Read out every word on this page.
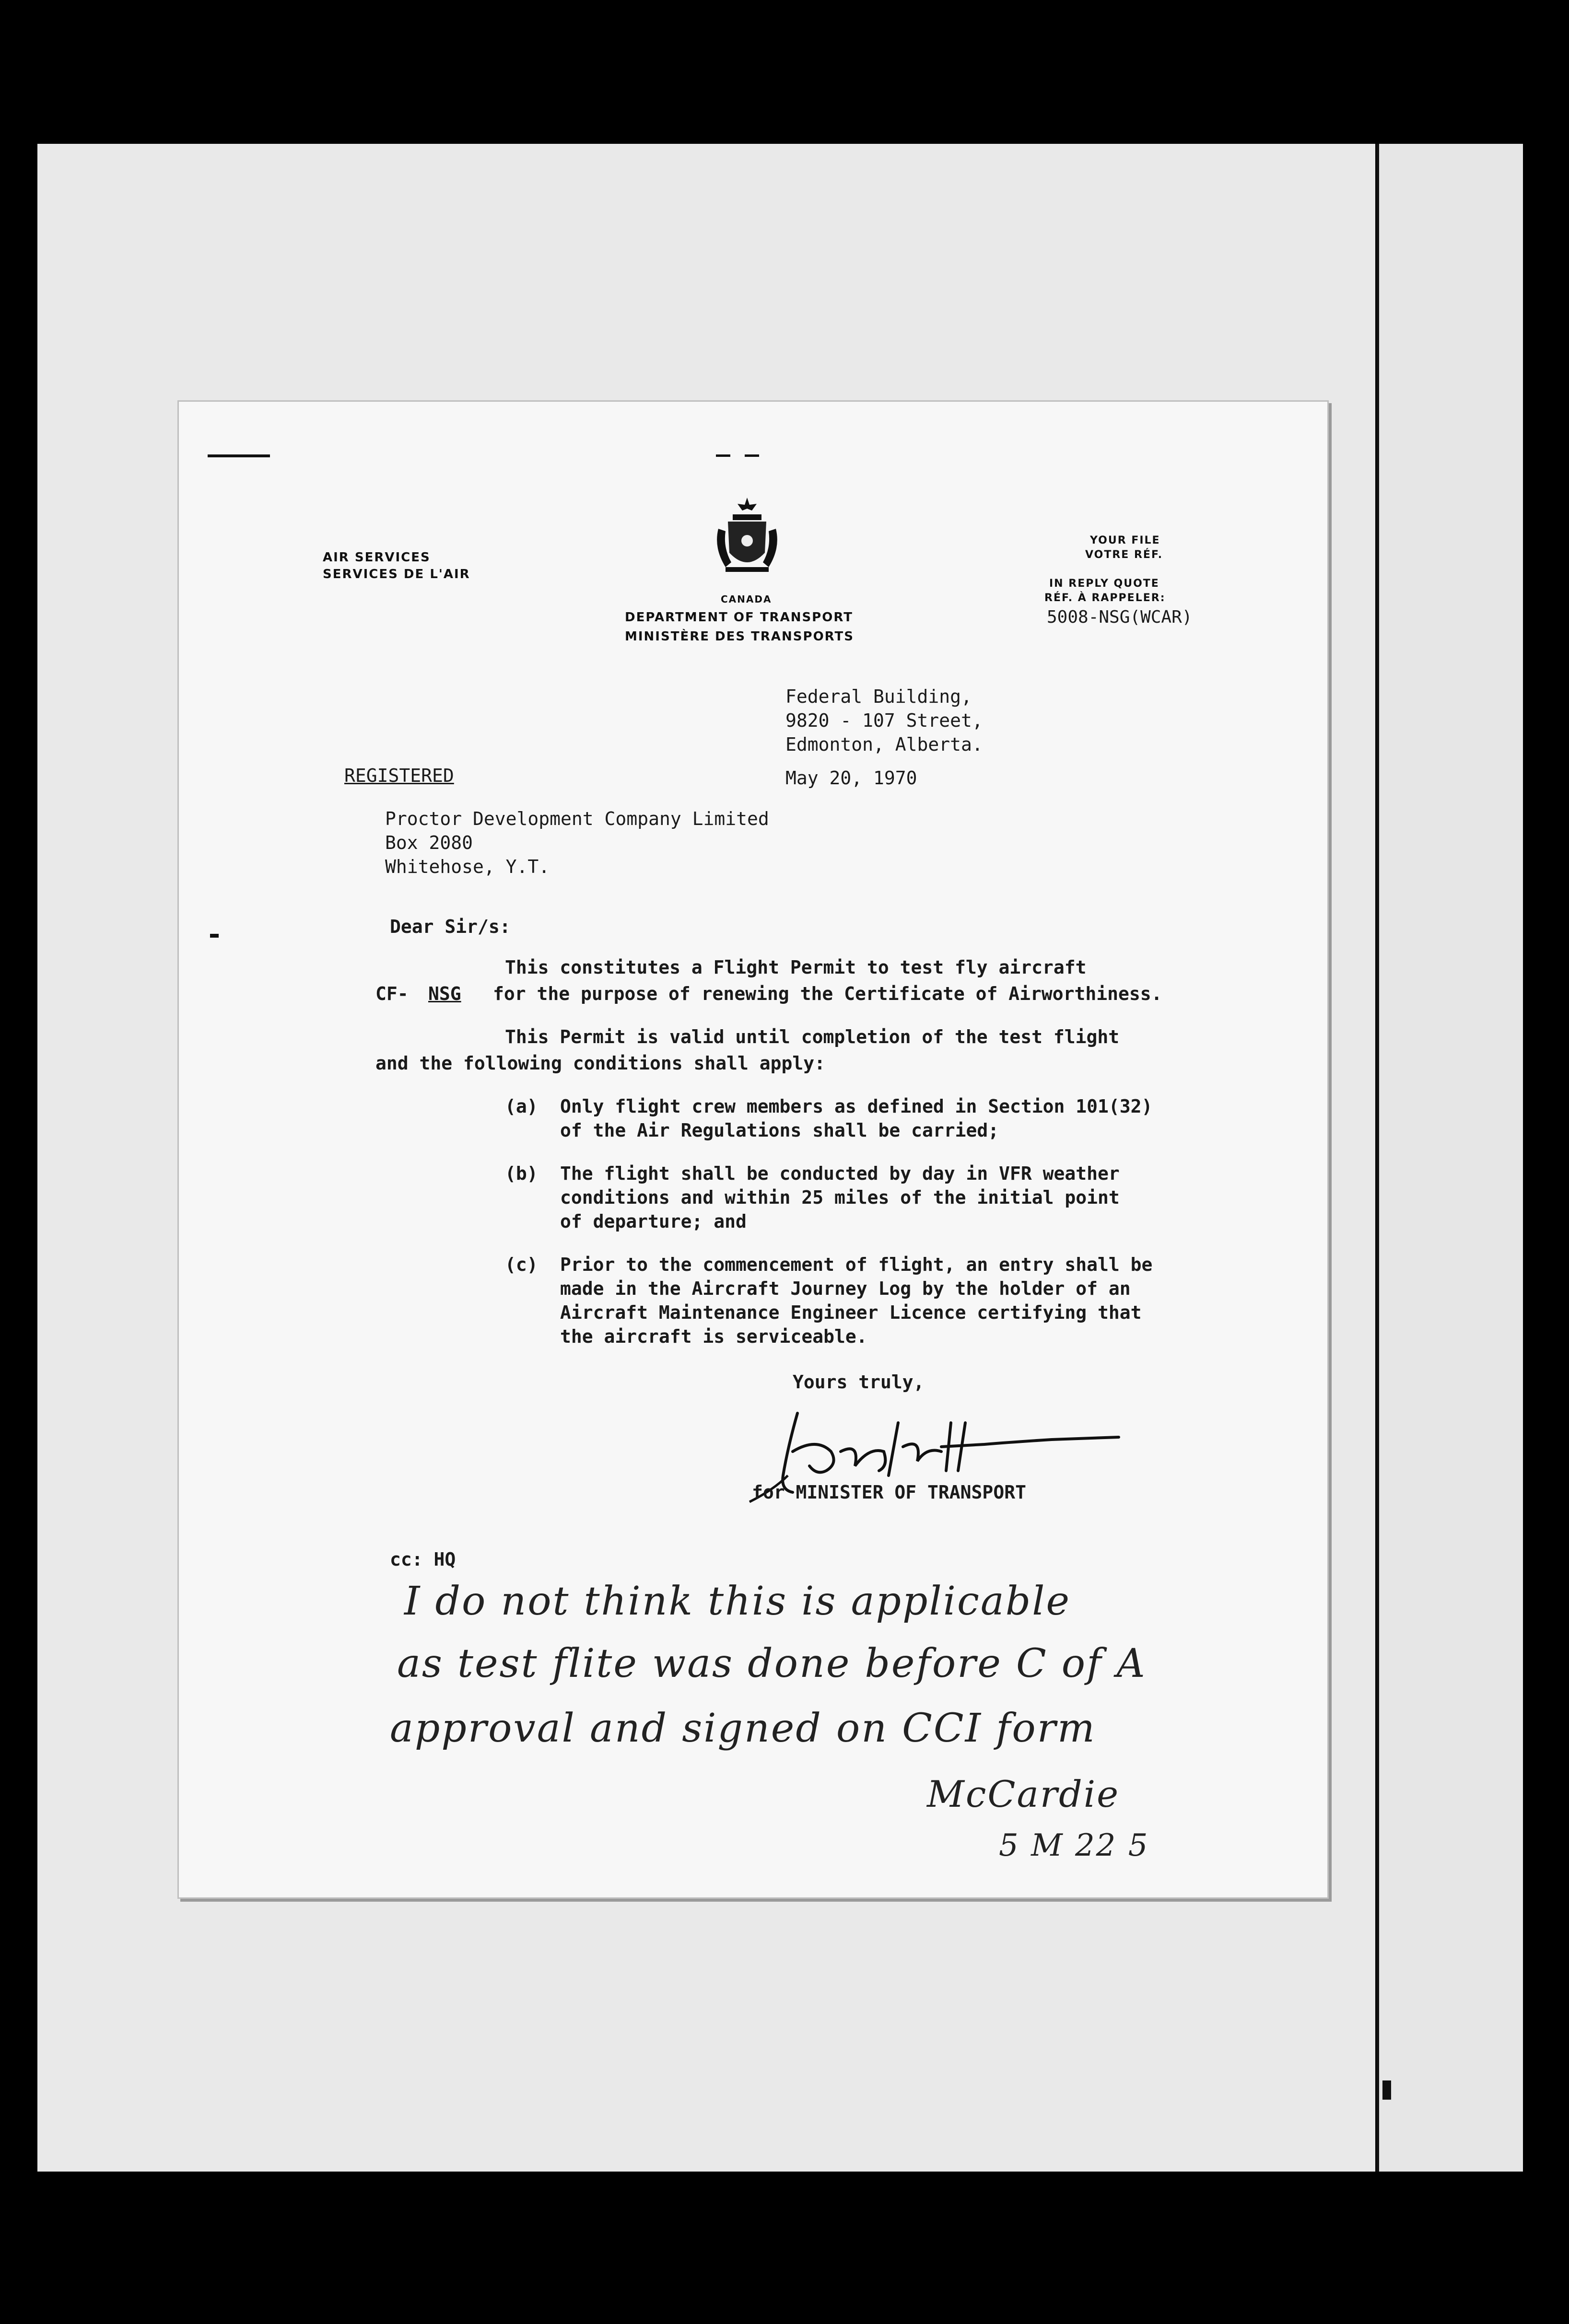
AIR SERVICES
SERVICES DE L'AIR
CANADA
DEPARTMENT OF TRANSPORT
MINISTÈRE DES TRANSPORTS
YOUR FILE
VOTRE RÉF.
IN REPLY QUOTE
RÉF. À RAPPELER:
5008-NSG(WCAR)
Federal Building,
9820 - 107 Street,
Edmonton, Alberta.
May 20, 1970
REGISTERED
Proctor Development Company Limited
Box 2080
Whitehose, Y.T.
Dear Sir/s:
This constitutes a Flight Permit to test fly aircraft
CF- NSG for the purpose of renewing the Certificate of Airworthiness.
This Permit is valid until completion of the test flight
and the following conditions shall apply:
(a) Only flight crew members as defined in Section 101(32)
of the Air Regulations shall be carried;
(b) The flight shall be conducted by day in VFR weather
conditions and within 25 miles of the initial point
of departure; and
(c) Prior to the commencement of flight, an entry shall be
made in the Aircraft Journey Log by the holder of an
Aircraft Maintenance Engineer Licence certifying that
the aircraft is serviceable.
Yours truly,
for MINISTER OF TRANSPORT
cc: HQ
I do not think this is applicable
as test flite was done before C of A
approval and signed on CCI form
McCardie
5 M 22 5
